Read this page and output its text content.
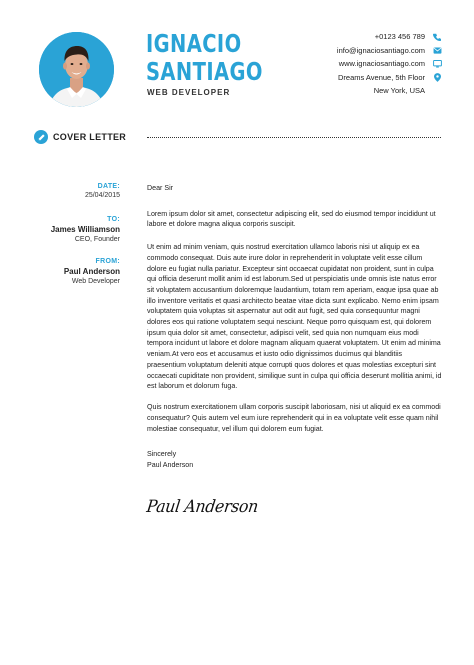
IGNACIO
SANTIAGO
WEB DEVELOPER
+0123 456 789
info@ignaciosantiago.com
www.ignaciosantiago.com
Dreams Avenue, 5th Floor
New York, USA
COVER LETTER
DATE:
25/04/2015
TO:
James Williamson
CEO, Founder
FROM:
Paul Anderson
Web Developer

Dear Sir

Lorem ipsum dolor sit amet, consectetur adipiscing elit, sed do eiusmod tempor incididunt ut labore et dolore magna aliqua corporis suscipit.

Ut enim ad minim veniam, quis nostrud exercitation ullamco laboris nisi ut aliquip ex ea commodo consequat. Duis aute irure dolor in reprehenderit in voluptate velit esse cillum dolore eu fugiat nulla pariatur. Excepteur sint occaecat cupidatat non proident, sunt in culpa qui officia deserunt mollit anim id est laborum.Sed ut perspiciatis unde omnis iste natus error sit voluptatem accusantium doloremque laudantium, totam rem aperiam, eaque ipsa quae ab illo inventore veritatis et quasi architecto beatae vitae dicta sunt explicabo. Nemo enim ipsam voluptatem quia voluptas sit aspernatur aut odit aut fugit, sed quia consequuntur magni dolores eos qui ratione voluptatem sequi nesciunt. Neque porro quisquam est, qui dolorem ipsum quia dolor sit amet, consectetur, adipisci velit, sed quia non numquam eius modi tempora incidunt ut labore et dolore magnam aliquam quaerat voluptatem. Ut enim ad minima veniam.At vero eos et accusamus et iusto odio dignissimos ducimus qui blanditiis praesentium voluptatum deleniti atque corrupti quos dolores et quas molestias excepturi sint occaecati cupiditate non provident, similique sunt in culpa qui officia deserunt mollitia animi, id est laborum et dolorum fuga.

Quis nostrum exercitationem ullam corporis suscipit laboriosam, nisi ut aliquid ex ea commodi consequatur? Quis autem vel eum iure reprehenderit qui in ea voluptate velit esse quam nihil molestiae consequatur, vel illum qui dolorem eum fugiat.

Sincerely
Paul Anderson
Paul Anderson
